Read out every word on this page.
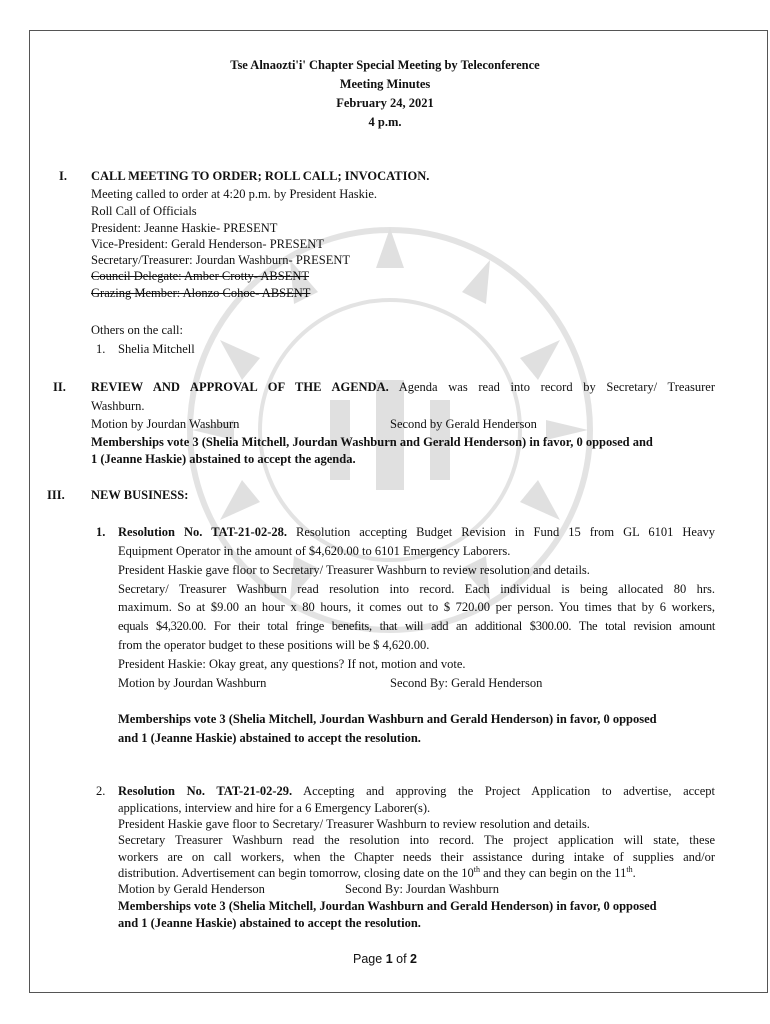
Tse Alnaozti'i' Chapter Special Meeting by Teleconference
Meeting Minutes
February 24, 2021
4 p.m.
I. CALL MEETING TO ORDER; ROLL CALL; INVOCATION.
Meeting called to order at 4:20 p.m. by President Haskie.
Roll Call of Officials
President: Jeanne Haskie- PRESENT
Vice-President: Gerald Henderson- PRESENT
Secretary/Treasurer: Jourdan Washburn- PRESENT
Council Delegate: Amber Crotty- ABSENT
Grazing Member: Alonzo Cohoe- ABSENT
Others on the call:
1. Shelia Mitchell
II. REVIEW AND APPROVAL OF THE AGENDA. Agenda was read into record by Secretary/ Treasurer
Washburn.
Motion by Jourdan Washburn	Second by Gerald Henderson
Memberships vote 3 (Shelia Mitchell, Jourdan Washburn and Gerald Henderson) in favor, 0 opposed and
1 (Jeanne Haskie) abstained to accept the agenda.
III. NEW BUSINESS:
1. Resolution No. TAT-21-02-28. Resolution accepting Budget Revision in Fund 15 from GL 6101 Heavy
Equipment Operator in the amount of $4,620.00 to 6101 Emergency Laborers.
President Haskie gave floor to Secretary/ Treasurer Washburn to review resolution and details.
Secretary/ Treasurer Washburn read resolution into record. Each individual is being allocated 80 hrs.
maximum. So at $9.00 an hour x 80 hours, it comes out to $ 720.00 per person. You times that by 6 workers,
equals $4,320.00. For their total fringe benefits, that will add an additional $300.00. The total revision amount
from the operator budget to these positions will be $ 4,620.00.
President Haskie: Okay great, any questions? If not, motion and vote.
Motion by Jourdan Washburn	Second By: Gerald Henderson
Memberships vote 3 (Shelia Mitchell, Jourdan Washburn and Gerald Henderson) in favor, 0 opposed
and 1 (Jeanne Haskie) abstained to accept the resolution.
2. Resolution No. TAT-21-02-29. Accepting and approving the Project Application to advertise, accept
applications, interview and hire for a 6 Emergency Laborer(s).
President Haskie gave floor to Secretary/ Treasurer Washburn to review resolution and details.
Secretary Treasurer Washburn read the resolution into record. The project application will state, these
workers are on call workers, when the Chapter needs their assistance during intake of supplies and/or
distribution. Advertisement can begin tomorrow, closing date on the 10th and they can begin on the 11th.
Motion by Gerald Henderson	Second By: Jourdan Washburn
Memberships vote 3 (Shelia Mitchell, Jourdan Washburn and Gerald Henderson) in favor, 0 opposed
and 1 (Jeanne Haskie) abstained to accept the resolution.
Page 1 of 2
